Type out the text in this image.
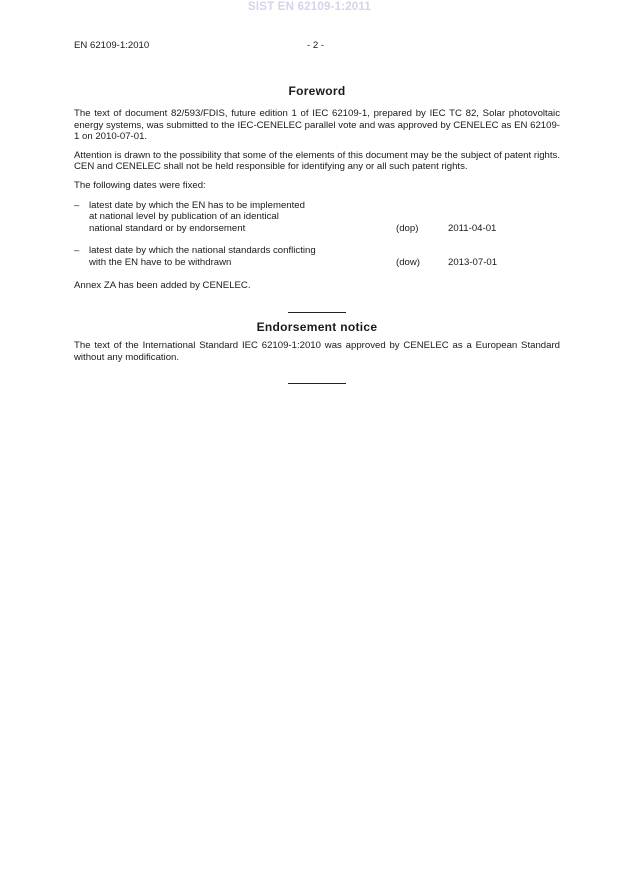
SIST EN 62109-1:2011
EN 62109-1:2010	- 2 -
Foreword

The text of document 82/593/FDIS, future edition 1 of IEC 62109-1, prepared by IEC TC 82, Solar photovoltaic energy systems, was submitted to the IEC-CENELEC parallel vote and was approved by CENELEC as EN 62109-1 on 2010-07-01.

Attention is drawn to the possibility that some of the elements of this document may be the subject of patent rights. CEN and CENELEC shall not be held responsible for identifying any or all such patent rights.

The following dates were fixed:

– latest date by which the EN has to be implemented
at national level by publication of an identical
national standard or by endorsement	(dop)	2011-04-01
– latest date by which the national standards conflicting
with the EN have to be withdrawn	(dow)	2013-07-01

Annex ZA has been added by CENELEC.

Endorsement notice

The text of the International Standard IEC 62109-1:2010 was approved by CENELEC as a European Standard without any modification.
